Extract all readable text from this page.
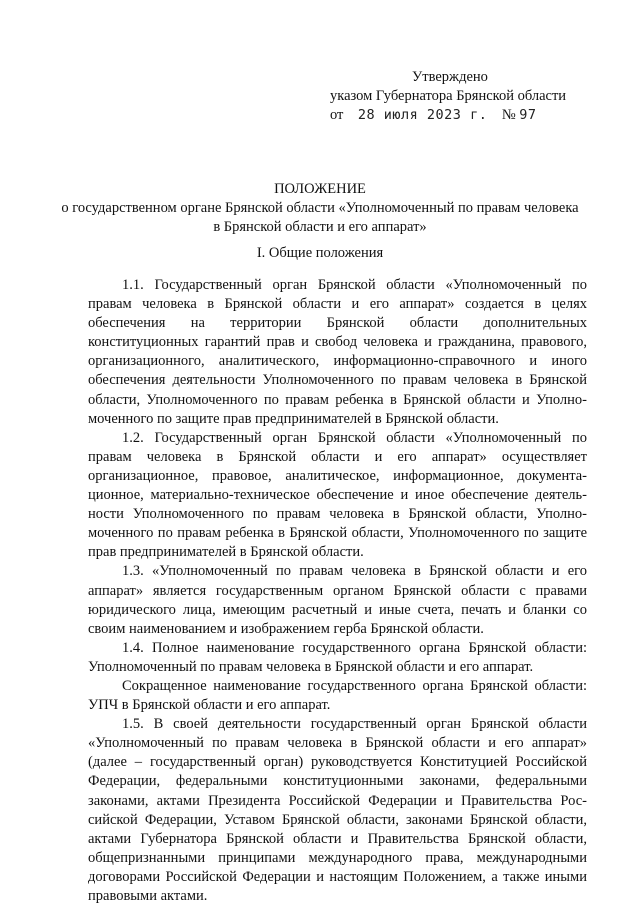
Утверждено
указом Губернатора Брянской области
от 28 июля 2023 г. № 97
ПОЛОЖЕНИЕ
о государственном органе Брянской области «Уполномоченный по правам человека в Брянской области и его аппарат»
I. Общие положения

1.1. Государственный орган Брянской области «Уполномоченный по правам человека в Брянской области и его аппарат» создается в целях обеспечения на территории Брянской области дополнительных конституционных гарантий прав и свобод человека и гражданина, правового, организационного, аналитического, информационно-справочного и иного обеспечения деятельности Уполномоченного по правам человека в Брянской области, Уполномоченного по правам ребенка в Брянской области и Уполномоченного по защите прав предпринимателей в Брянской области.

1.2. Государственный орган Брянской области «Уполномоченный по правам человека в Брянской области и его аппарат» осуществляет организационное, правовое, аналитическое, информационное, документационное, материально-техническое обеспечение и иное обеспечение деятельности Уполномоченного по правам человека в Брянской области, Уполномоченного по правам ребенка в Брянской области, Уполномоченного по защите прав предпринимателей в Брянской области.

1.3. «Уполномоченный по правам человека в Брянской области и его аппарат» является государственным органом Брянской области с правами юридического лица, имеющим расчетный и иные счета, печать и бланки со своим наименованием и изображением герба Брянской области.

1.4. Полное наименование государственного органа Брянской области: Уполномоченный по правам человека в Брянской области и его аппарат.

Сокращенное наименование государственного органа Брянской области: УПЧ в Брянской области и его аппарат.

1.5. В своей деятельности государственный орган Брянской области «Уполномоченный по правам человека в Брянской области и его аппарат» (далее – государственный орган) руководствуется Конституцией Российской Федерации, федеральными конституционными законами, федеральными законами, актами Президента Российской Федерации и Правительства Российской Федерации, Уставом Брянской области, законами Брянской области, актами Губернатора Брянской области и Правительства Брянской области, общепризнанными принципами международного права, международными договорами Российской Федерации и настоящим Положением, а также иными правовыми актами.
